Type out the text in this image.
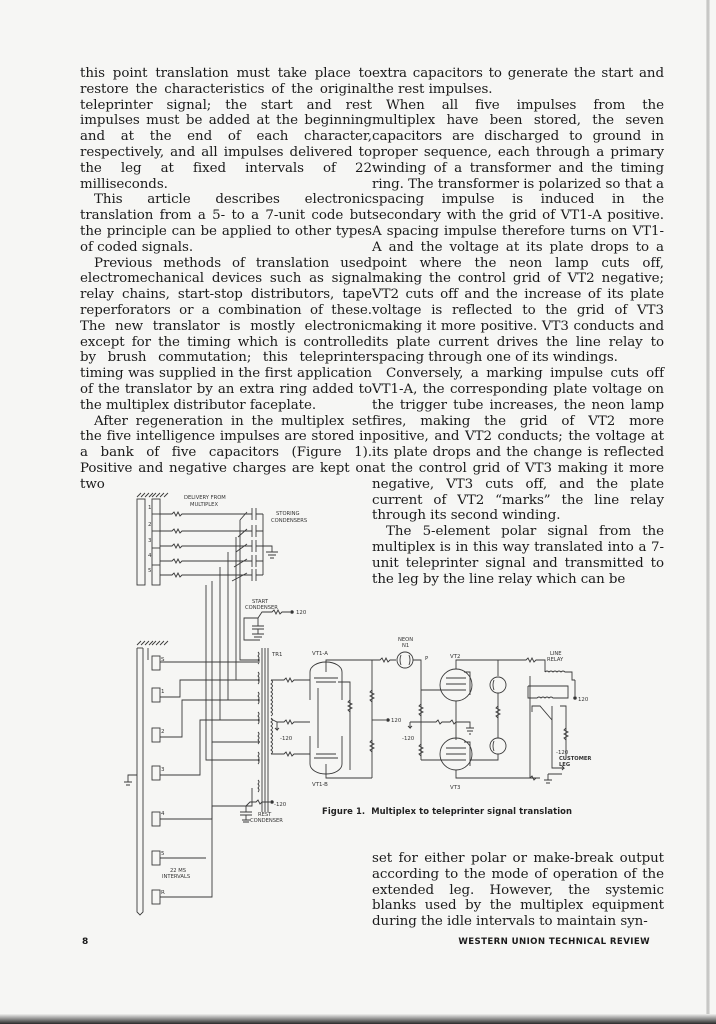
this point translation must take place to restore the characteristics of the original teleprinter signal; the start and rest impulses must be added at the beginning and at the end of each character, respectively, and all impulses delivered to the leg at fixed intervals of 22 milliseconds.

This article describes electronic translation from a 5- to a 7-unit code but the principle can be applied to other types of coded signals.

Previous methods of translation used electromechanical devices such as signal relay chains, start-stop distributors, tape reperforators or a combination of these. The new translator is mostly electronic except for the timing which is controlled by brush commutation; this teleprinter timing was supplied in the first application of the translator by an extra ring added to the multiplex distributor faceplate.

After regeneration in the multiplex set the five intelligence impulses are stored in a bank of five capacitors (Figure 1). Positive and negative charges are kept on two

extra capacitors to generate the start and the rest impulses.

When all five impulses from the multiplex have been stored, the seven capacitors are discharged to ground in proper sequence, each through a primary winding of a transformer and the timing ring. The transformer is polarized so that a spacing impulse is induced in the secondary with the grid of VT1-A positive. A spacing impulse therefore turns on VT1-A and the voltage at its plate drops to a point where the neon lamp cuts off, making the control grid of VT2 negative; VT2 cuts off and the increase of its plate voltage is reflected to the grid of VT3 making it more positive. VT3 conducts and its plate current drives the line relay to spacing through one of its windings.

Conversely, a marking impulse cuts off VT1-A, the corresponding plate voltage on the trigger tube increases, the neon lamp fires, making the grid of VT2 more positive, and VT2 conducts; the voltage at its plate drops and the change is reflected at the control grid of VT3 making it more negative, VT3 cuts off, and the plate current of VT2 “marks” the line relay through its second winding.

The 5-element polar signal from the multiplex is in this way translated into a 7-unit teleprinter signal and transmitted to the leg by the line relay which can be

set for either polar or make-break output according to the mode of operation of the extended leg. However, the systemic blanks used by the multiplex equipment during the idle intervals to maintain syn-

DELIVERY FROM
MULTIPLEX
STORING
CONDENSERS
1
2
3
4
5
START
CONDENSER
120
S
1
2
3
4
5
R
22 MS
INTERVALS
-120
REST
CONDENSER
TR1	VT1-A
VT1-B
-120
NEON
N1
P	VT2
VT3
120
-120
LINE
RELAY
120
-120
CUSTOMER
LEG
Figure 1. Multiplex to teleprinter signal translation
8	WESTERN UNION TECHNICAL REVIEW
